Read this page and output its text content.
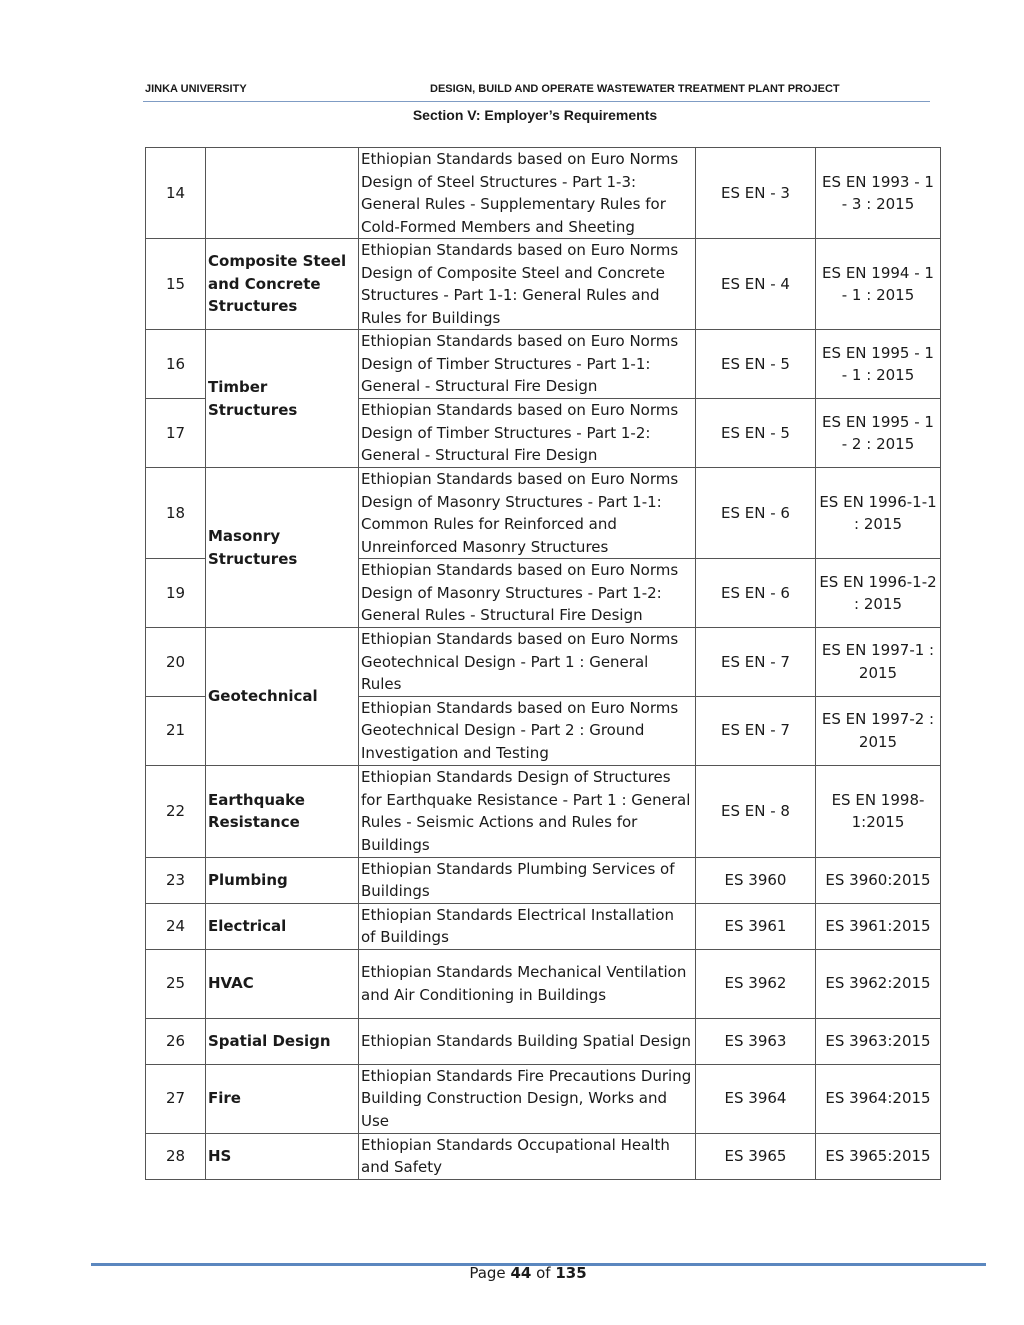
JINKA UNIVERSITY	DESIGN, BUILD AND OPERATE WASTEWATER TREATMENT PLANT PROJECT
Section V: Employer’s Requirements
14		Ethiopian Standards based on Euro Norms Design of Steel Structures - Part 1-3: General Rules - Supplementary Rules for Cold-Formed Members and Sheeting	ES EN - 3	ES EN 1993 - 1 - 3 : 2015
15	Composite Steel and Concrete Structures	Ethiopian Standards based on Euro Norms Design of Composite Steel and Concrete Structures - Part 1-1: General Rules and Rules for Buildings	ES EN - 4	ES EN 1994 - 1 - 1 : 2015
16	Timber Structures	Ethiopian Standards based on Euro Norms Design of Timber Structures - Part 1-1: General - Structural Fire Design	ES EN - 5	ES EN 1995 - 1 - 1 : 2015
17		Ethiopian Standards based on Euro Norms Design of Timber Structures - Part 1-2: General - Structural Fire Design	ES EN - 5	ES EN 1995 - 1 - 2 : 2015
18	Masonry Structures	Ethiopian Standards based on Euro Norms Design of Masonry Structures - Part 1-1: Common Rules for Reinforced and Unreinforced Masonry Structures	ES EN - 6	ES EN 1996-1-1 : 2015
19		Ethiopian Standards based on Euro Norms Design of Masonry Structures - Part 1-2: General Rules - Structural Fire Design	ES EN - 6	ES EN 1996-1-2 : 2015
20	Geotechnical	Ethiopian Standards based on Euro Norms Geotechnical Design - Part 1 : General Rules	ES EN - 7	ES EN 1997-1 : 2015
21		Ethiopian Standards based on Euro Norms Geotechnical Design - Part 2 : Ground Investigation and Testing	ES EN - 7	ES EN 1997-2 : 2015
22	Earthquake Resistance	Ethiopian Standards Design of Structures for Earthquake Resistance - Part 1 : General Rules - Seismic Actions and Rules for Buildings	ES EN - 8	ES EN 1998-1:2015
23	Plumbing	Ethiopian Standards Plumbing Services of Buildings	ES 3960	ES 3960:2015
24	Electrical	Ethiopian Standards Electrical Installation of Buildings	ES 3961	ES 3961:2015
25	HVAC	Ethiopian Standards Mechanical Ventilation and Air Conditioning in Buildings	ES 3962	ES 3962:2015
26	Spatial Design	Ethiopian Standards Building Spatial Design	ES 3963	ES 3963:2015
27	Fire	Ethiopian Standards Fire Precautions During Building Construction Design, Works and Use	ES 3964	ES 3964:2015
28	HS	Ethiopian Standards Occupational Health and Safety	ES 3965	ES 3965:2015
Page 44 of 135
